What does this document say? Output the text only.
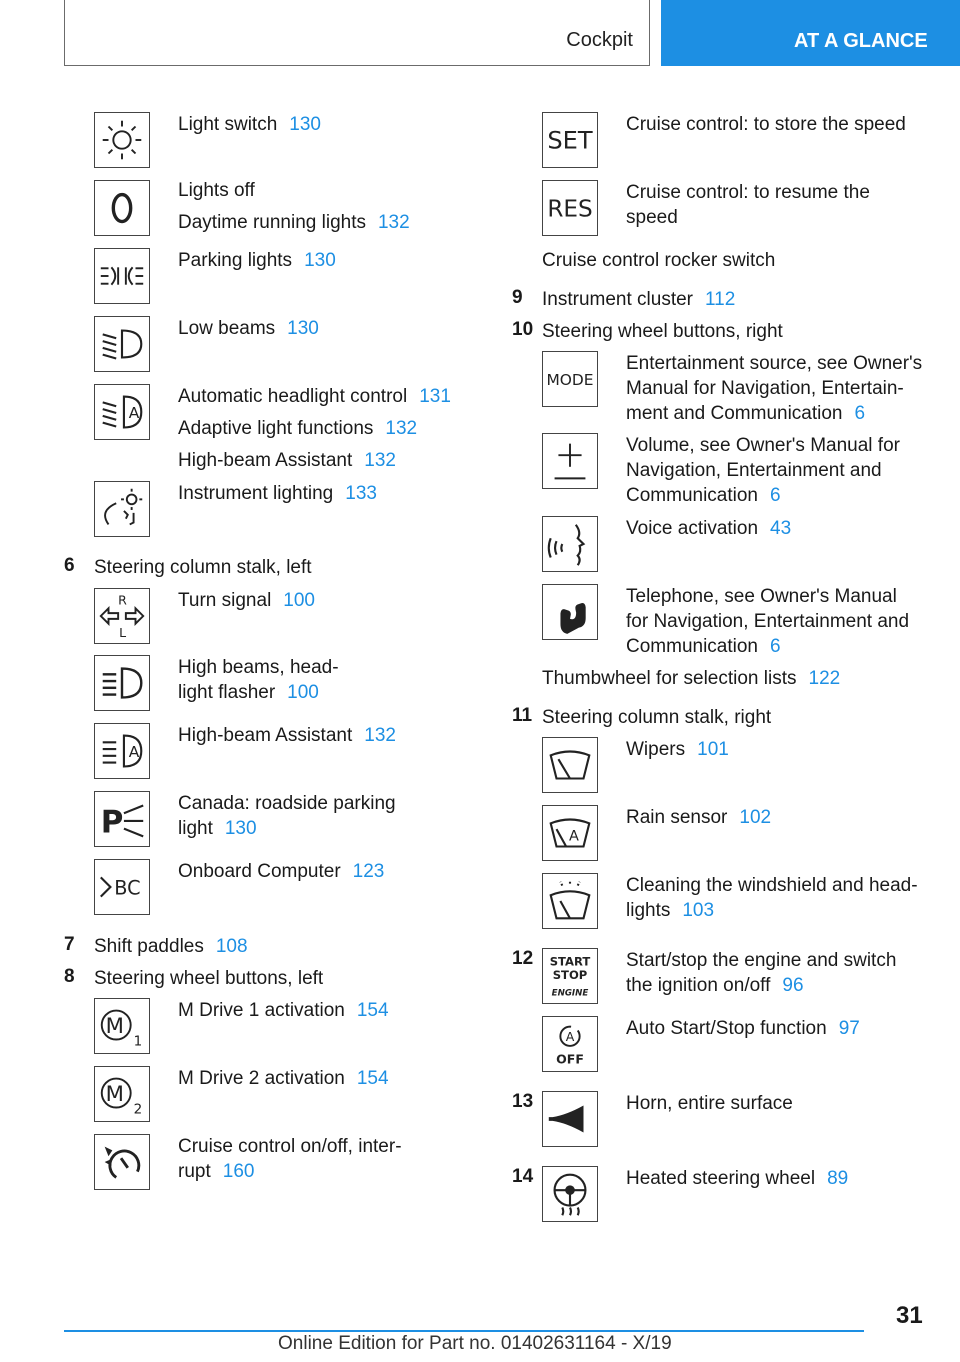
Cockpit	AT A GLANCE

Light switch 130

Lights off

Daytime running lights 132

Parking lights 130

Low beams 130

A

Automatic headlight control 131

Adaptive light functions 132

High-beam Assistant 132

Instrument lighting 133

6 Steering column stalk, left
R
L

Turn signal 100

High beams, head-

light flasher 100

A

High-beam Assistant 132

P

Canada: roadside parking

light 130

BC

Onboard Computer 123

7 Shift paddles 108
8 Steering wheel buttons, left
M
1

M Drive 1 activation 154

M
2

M Drive 2 activation 154

Cruise control on/off, inter-

rupt 160

SET

Cruise control: to store the speed

RES

Cruise control: to resume the

speed

Cruise control rocker switch
9 Instrument cluster 112
10 Steering wheel buttons, right
MODE

Entertainment source, see Owner's

Manual for Navigation, Entertain-

ment and Communication 6

Volume, see Owner's Manual for

Navigation, Entertainment and

Communication 6

Voice activation 43

Telephone, see Owner's Manual

for Navigation, Entertainment and

Communication 6

Thumbwheel for selection lists 122
11 Steering column stalk, right

Wipers 101

A

Rain sensor 102

Cleaning the windshield and head-

lights 103

12 START
STOP
ENGINE

Start/stop the engine and switch

the ignition on/off 96

A
OFF

Auto Start/Stop function 97

13	Horn, entire surface

14	Heated steering wheel 89

31
Online Edition for Part no. 01402631164 - X/19
